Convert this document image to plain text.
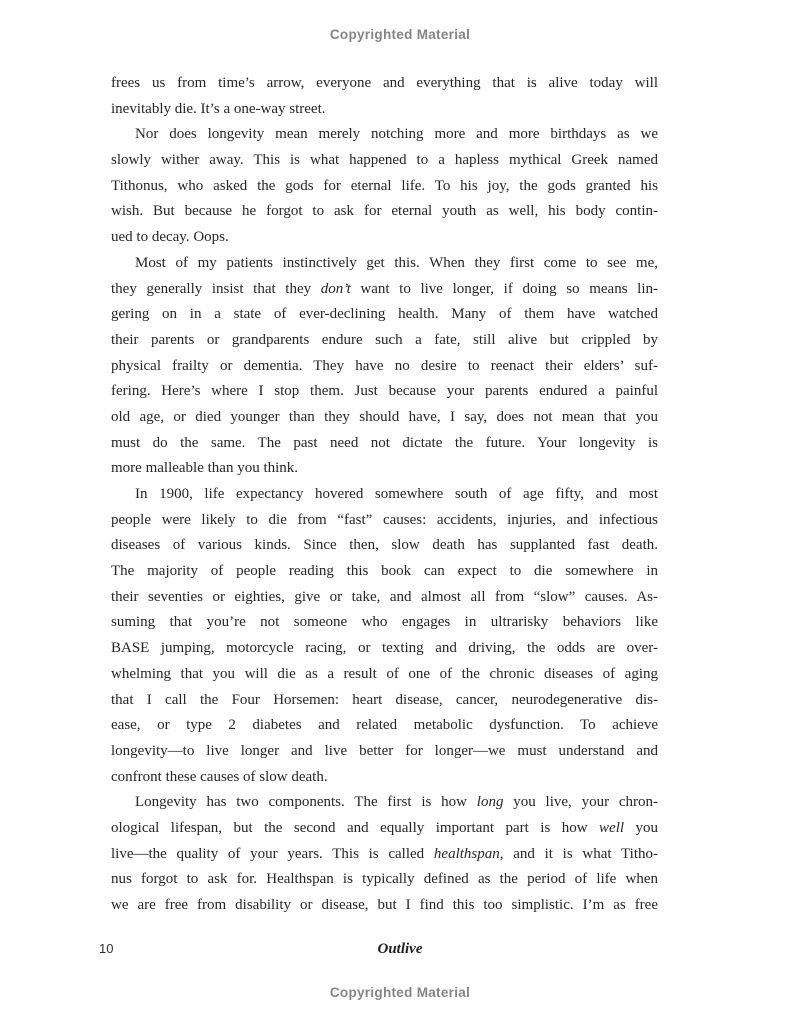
Copyrighted Material
frees us from time’s arrow, everyone and everything that is alive today will
inevitably die. It’s a one-way street.
Nor does longevity mean merely notching more and more birthdays as we
slowly wither away. This is what happened to a hapless mythical Greek named
Tithonus, who asked the gods for eternal life. To his joy, the gods granted his
wish. But because he forgot to ask for eternal youth as well, his body contin-
ued to decay. Oops.
Most of my patients instinctively get this. When they first come to see me,
they generally insist that they don’t want to live longer, if doing so means lin-
gering on in a state of ever-declining health. Many of them have watched
their parents or grandparents endure such a fate, still alive but crippled by
physical frailty or dementia. They have no desire to reenact their elders’ suf-
fering. Here’s where I stop them. Just because your parents endured a painful
old age, or died younger than they should have, I say, does not mean that you
must do the same. The past need not dictate the future. Your longevity is
more malleable than you think.
In 1900, life expectancy hovered somewhere south of age fifty, and most
people were likely to die from “fast” causes: accidents, injuries, and infectious
diseases of various kinds. Since then, slow death has supplanted fast death.
The majority of people reading this book can expect to die somewhere in
their seventies or eighties, give or take, and almost all from “slow” causes. As-
suming that you’re not someone who engages in ultrarisky behaviors like
BASE jumping, motorcycle racing, or texting and driving, the odds are over-
whelming that you will die as a result of one of the chronic diseases of aging
that I call the Four Horsemen: heart disease, cancer, neurodegenerative dis-
ease, or type 2 diabetes and related metabolic dysfunction. To achieve
longevity—to live longer and live better for longer—we must understand and
confront these causes of slow death.
Longevity has two components. The first is how long you live, your chron-
ological lifespan, but the second and equally important part is how well you
live—the quality of your years. This is called healthspan, and it is what Titho-
nus forgot to ask for. Healthspan is typically defined as the period of life when
we are free from disability or disease, but I find this too simplistic. I’m as free
10	Outlive
Copyrighted Material
